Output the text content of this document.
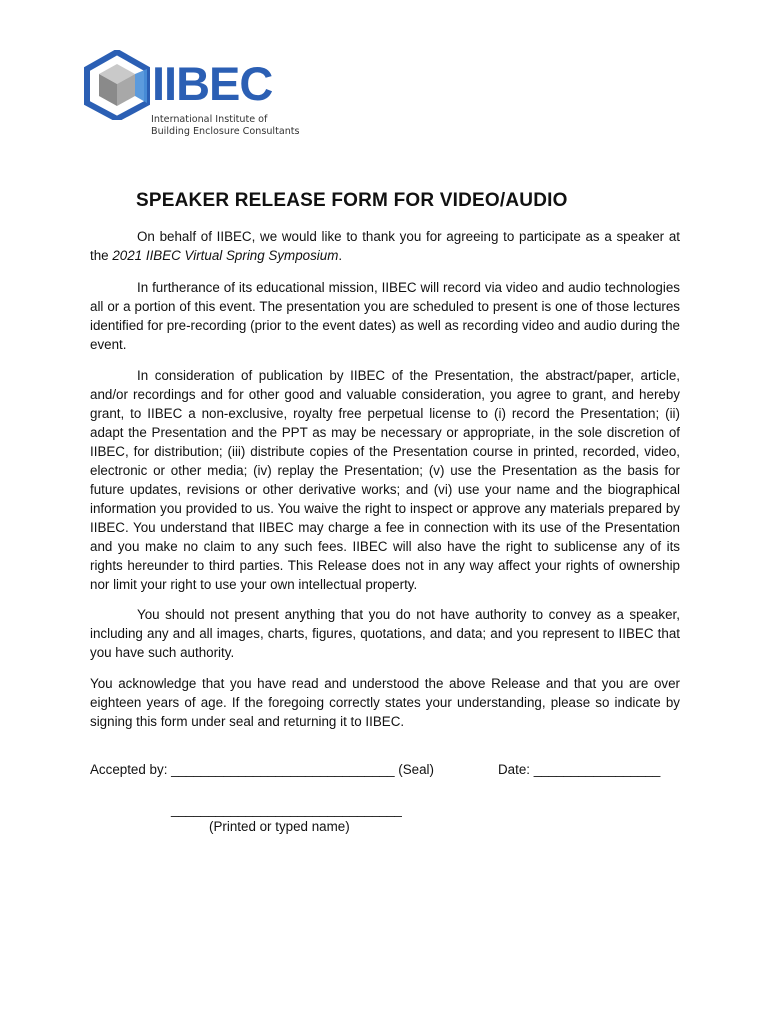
IIBEC
International Institute of
Building Enclosure Consultants
SPEAKER RELEASE FORM FOR VIDEO/AUDIO

On behalf of IIBEC, we would like to thank you for agreeing to participate as a speaker at the 2021 IIBEC Virtual Spring Symposium.

In furtherance of its educational mission, IIBEC will record via video and audio technologies all or a portion of this event. The presentation you are scheduled to present is one of those lectures identified for pre-recording (prior to the event dates) as well as recording video and audio during the event.

In consideration of publication by IIBEC of the Presentation, the abstract/paper, article, and/or recordings and for other good and valuable consideration, you agree to grant, and hereby grant, to IIBEC a non-exclusive, royalty free perpetual license to (i) record the Presentation; (ii) adapt the Presentation and the PPT as may be necessary or appropriate, in the sole discretion of IIBEC, for distribution; (iii) distribute copies of the Presentation course in printed, recorded, video, electronic or other media; (iv) replay the Presentation; (v) use the Presentation as the basis for future updates, revisions or other derivative works; and (vi) use your name and the biographical information you provided to us. You waive the right to inspect or approve any materials prepared by IIBEC. You understand that IIBEC may charge a fee in connection with its use of the Presentation and you make no claim to any such fees. IIBEC will also have the right to sublicense any of its rights hereunder to third parties. This Release does not in any way affect your rights of ownership nor limit your right to use your own intellectual property.

You should not present anything that you do not have authority to convey as a speaker, including any and all images, charts, figures, quotations, and data; and you represent to IIBEC that you have such authority.

You acknowledge that you have read and understood the above Release and that you are over eighteen years of age. If the foregoing correctly states your understanding, please so indicate by signing this form under seal and returning it to IIBEC.

Accepted by: ______________________________ (Seal)	Date: _________________
_______________________________
(Printed or typed name)
